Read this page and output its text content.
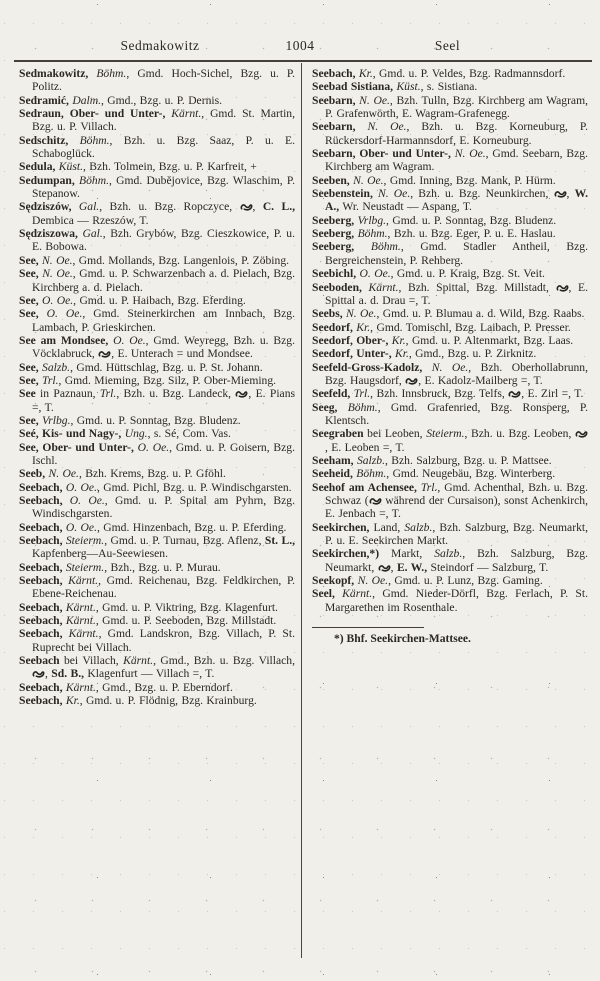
Sedmakowitz	1004	Seel

Sedmakowitz, Böhm., Gmd. Hoch-Sichel, Bzg. u. P. Politz.

Sedramić, Dalm., Gmd., Bzg. u. P. Dernis.

Sedraun, Ober- und Unter-, Kärnt., Gmd. St. Martin, Bzg. u. P. Villach.

Sedschitz, Böhm., Bzh. u. Bzg. Saaz, P. u. E. Schaboglück.

Sedula, Küst., Bzh. Tolmein, Bzg. u. P. Karfreit, +

Sedumpan, Böhm., Gmd. Dubějovice, Bzg. Wlaschim, P. Stepanow.

Sędziszów, Gal., Bzh. u. Bzg. Ropczyce, , C. L., Dembica — Rzeszów, T.

Sędziszowa, Gal., Bzh. Grybów, Bzg. Cieszkowice, P. u. E. Bobowa.

See, N. Oe., Gmd. Mollands, Bzg. Langenlois, P. Zöbing.

See, N. Oe., Gmd. u. P. Schwarzenbach a. d. Pielach, Bzg. Kirchberg a. d. Pielach.

See, O. Oe., Gmd. u. P. Haibach, Bzg. Eferding.

See, O. Oe., Gmd. Steinerkirchen am Innbach, Bzg. Lambach, P. Grieskirchen.

See am Mondsee, O. Oe., Gmd. Weyregg, Bzh. u. Bzg. Vöcklabruck, , E. Unterach = und Mondsee.

See, Salzb., Gmd. Hüttschlag, Bzg. u. P. St. Johann.

See, Trl., Gmd. Mieming, Bzg. Silz, P. Ober-Mieming.

See in Paznaun, Trl., Bzh. u. Bzg. Landeck, , E. Pians =, T.

See, Vrlbg., Gmd. u. P. Sonntag, Bzg. Bludenz.

Seé, Kis- und Nagy-, Ung., s. Sé, Com. Vas.

See, Ober- und Unter-, O. Oe., Gmd. u. P. Goisern, Bzg. Ischl.

Seeb, N. Oe., Bzh. Krems, Bzg. u. P. Gföhl.

Seebach, O. Oe., Gmd. Pichl, Bzg. u. P. Windischgarsten.

Seebach, O. Oe., Gmd. u. P. Spital am Pyhrn, Bzg. Windischgarsten.

Seebach, O. Oe., Gmd. Hinzenbach, Bzg. u. P. Eferding.

Seebach, Steierm., Gmd. u. P. Turnau, Bzg. Aflenz, St. L., Kapfenberg—Au-Seewiesen.

Seebach, Steierm., Bzh., Bzg. u. P. Murau.

Seebach, Kärnt., Gmd. Reichenau, Bzg. Feldkirchen, P. Ebene-Reichenau.

Seebach, Kärnt., Gmd. u. P. Viktring, Bzg. Klagenfurt.

Seebach, Kärnt., Gmd. u. P. Seeboden, Bzg. Millstadt.

Seebach, Kärnt., Gmd. Landskron, Bzg. Villach, P. St. Ruprecht bei Villach.

Seebach bei Villach, Kärnt., Gmd., Bzh. u. Bzg. Villach, , Sd. B., Klagenfurt — Villach =, T.

Seebach, Kärnt., Gmd., Bzg. u. P. Eberndorf.

Seebach, Kr., Gmd. u. P. Flödnig, Bzg. Krainburg.

Seebach, Kr., Gmd. u. P. Veldes, Bzg. Radmannsdorf.

Seebad Sistiana, Küst., s. Sistiana.

Seebarn, N. Oe., Bzh. Tulln, Bzg. Kirchberg am Wagram, P. Grafenwörth, E. Wagram-Grafenegg.

Seebarn, N. Oe., Bzh. u. Bzg. Korneuburg, P. Rückersdorf-Harmannsdorf, E. Korneuburg.

Seebarn, Ober- und Unter-, N. Oe., Gmd. Seebarn, Bzg. Kirchberg am Wagram.

Seeben, N. Oe., Gmd. Inning, Bzg. Mank, P. Hürm.

Seebenstein, N. Oe., Bzh. u. Bzg. Neunkirchen, , W. A., Wr. Neustadt — Aspang, T.

Seeberg, Vrlbg., Gmd. u. P. Sonntag, Bzg. Bludenz.

Seeberg, Böhm., Bzh. u. Bzg. Eger, P. u. E. Haslau.

Seeberg, Böhm., Gmd. Stadler Antheil, Bzg. Bergreichenstein, P. Rehberg.

Seebichl, O. Oe., Gmd. u. P. Kraig, Bzg. St. Veit.

Seeboden, Kärnt., Bzh. Spittal, Bzg. Millstadt, , E. Spittal a. d. Drau =, T.

Seebs, N. Oe., Gmd. u. P. Blumau a. d. Wild, Bzg. Raabs.

Seedorf, Kr., Gmd. Tomischl, Bzg. Laibach, P. Presser.

Seedorf, Ober-, Kr., Gmd. u. P. Altenmarkt, Bzg. Laas.

Seedorf, Unter-, Kr., Gmd., Bzg. u. P. Zirknitz.

Seefeld-Gross-Kadolz, N. Oe., Bzh. Oberhollabrunn, Bzg. Haugsdorf, , E. Kadolz-Mailberg =, T.

Seefeld, Trl., Bzh. Innsbruck, Bzg. Telfs, , E. Zirl =, T.

Seeg, Böhm., Gmd. Grafenried, Bzg. Ronsperg, P. Klentsch.

Seegraben bei Leoben, Steierm., Bzh. u. Bzg. Leoben, , E. Leoben =, T.

Seeham, Salzb., Bzh. Salzburg, Bzg. u. P. Mattsee.

Seeheid, Böhm., Gmd. Neugebäu, Bzg. Winterberg.

Seehof am Achensee, Trl., Gmd. Achenthal, Bzh. u. Bzg. Schwaz ( während der Cursaison), sonst Achenkirch, E. Jenbach =, T.

Seekirchen, Land, Salzb., Bzh. Salzburg, Bzg. Neumarkt, P. u. E. Seekirchen Markt.

Seekirchen,*) Markt, Salzb., Bzh. Salzburg, Bzg. Neumarkt, , E. W., Steindorf — Salzburg, T.

Seekopf, N. Oe., Gmd. u. P. Lunz, Bzg. Gaming.

Seel, Kärnt., Gmd. Nieder-Dörfl, Bzg. Ferlach, P. St. Margarethen im Rosenthale.

*) Bhf. Seekirchen-Mattsee.
